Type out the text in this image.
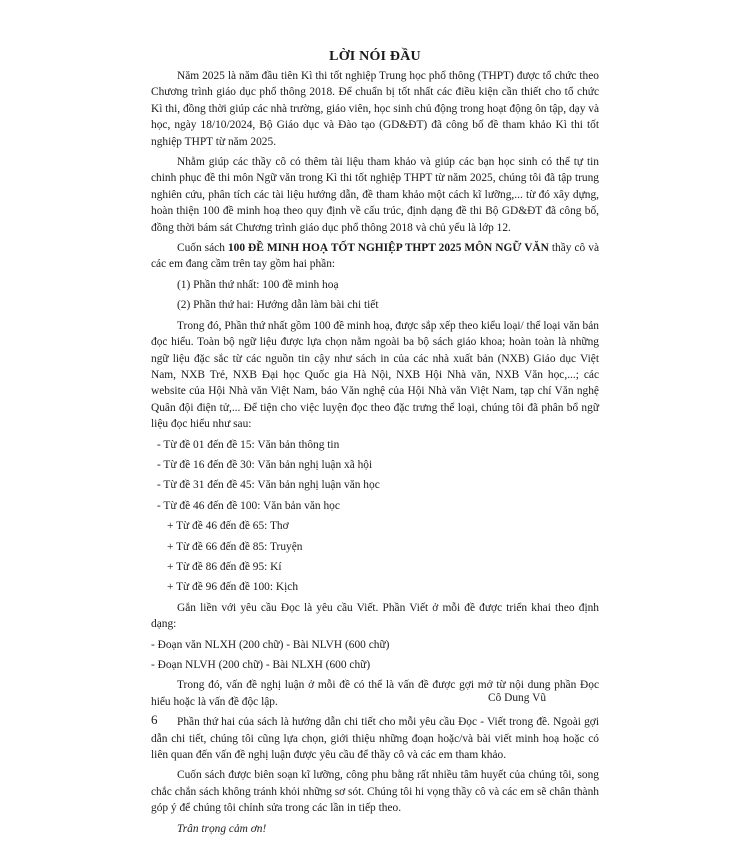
LỜI NÓI ĐẦU

Năm 2025 là năm đầu tiên Kì thi tốt nghiệp Trung học phổ thông (THPT) được tổ chức theo Chương trình giáo dục phổ thông 2018. Để chuẩn bị tốt nhất các điều kiện cần thiết cho tổ chức Kì thi, đồng thời giúp các nhà trường, giáo viên, học sinh chủ động trong hoạt động ôn tập, dạy và học, ngày 18/10/2024, Bộ Giáo dục và Đào tạo (GD&ĐT) đã công bố đề tham khảo Kì thi tốt nghiệp THPT từ năm 2025.

Nhằm giúp các thầy cô có thêm tài liệu tham khảo và giúp các bạn học sinh có thể tự tin chinh phục đề thi môn Ngữ văn trong Kì thi tốt nghiệp THPT từ năm 2025, chúng tôi đã tập trung nghiên cứu, phân tích các tài liệu hướng dẫn, đề tham khảo một cách kĩ lưỡng,... từ đó xây dựng, hoàn thiện 100 đề minh hoạ theo quy định về cấu trúc, định dạng đề thi Bộ GD&ĐT đã công bố, đồng thời bám sát Chương trình giáo dục phổ thông 2018 và chủ yếu là lớp 12.

Cuốn sách 100 ĐỀ MINH HOẠ TỐT NGHIỆP THPT 2025 MÔN NGỮ VĂN thầy cô và các em đang cầm trên tay gồm hai phần:

(1) Phần thứ nhất: 100 đề minh hoạ

(2) Phần thứ hai: Hướng dẫn làm bài chi tiết

Trong đó, Phần thứ nhất gồm 100 đề minh hoạ, được sắp xếp theo kiểu loại/ thể loại văn bản đọc hiểu. Toàn bộ ngữ liệu được lựa chọn nằm ngoài ba bộ sách giáo khoa; hoàn toàn là những ngữ liệu đặc sắc từ các nguồn tin cậy như sách in của các nhà xuất bản (NXB) Giáo dục Việt Nam, NXB Trẻ, NXB Đại học Quốc gia Hà Nội, NXB Hội Nhà văn, NXB Văn học,...; các website của Hội Nhà văn Việt Nam, báo Văn nghệ của Hội Nhà văn Việt Nam, tạp chí Văn nghệ Quân đội điện tử,... Để tiện cho việc luyện đọc theo đặc trưng thể loại, chúng tôi đã phân bổ ngữ liệu đọc hiểu như sau:

- Từ đề 01 đến đề 15: Văn bản thông tin
- Từ đề 16 đến đề 30: Văn bản nghị luận xã hội
- Từ đề 31 đến đề 45: Văn bản nghị luận văn học
- Từ đề 46 đến đề 100: Văn bản văn học
+ Từ đề 46 đến đề 65: Thơ
+ Từ đề 66 đến đề 85: Truyện
+ Từ đề 86 đến đề 95: Kí
+ Từ đề 96 đến đề 100: Kịch

Gắn liền với yêu cầu Đọc là yêu cầu Viết. Phần Viết ở mỗi đề được triển khai theo định dạng:

- Đoạn văn NLXH (200 chữ) - Bài NLVH (600 chữ)
- Đoạn NLVH (200 chữ) - Bài NLXH (600 chữ)

Trong đó, vấn đề nghị luận ở mỗi đề có thể là vấn đề được gợi mở từ nội dung phần Đọc hiểu hoặc là vấn đề độc lập.

Phần thứ hai của sách là hướng dẫn chi tiết cho mỗi yêu cầu Đọc - Viết trong đề. Ngoài gợi dẫn chi tiết, chúng tôi cũng lựa chọn, giới thiệu những đoạn hoặc/và bài viết minh hoạ hoặc có liên quan đến vấn đề nghị luận được yêu cầu để thầy cô và các em tham khảo.

Cuốn sách được biên soạn kĩ lưỡng, công phu bằng rất nhiều tâm huyết của chúng tôi, song chắc chắn sách không tránh khỏi những sơ sót. Chúng tôi hi vọng thầy cô và các em sẽ chân thành góp ý để chúng tôi chỉnh sửa trong các lần in tiếp theo.

Trân trọng cảm ơn!

Cô Dung Vũ
6
